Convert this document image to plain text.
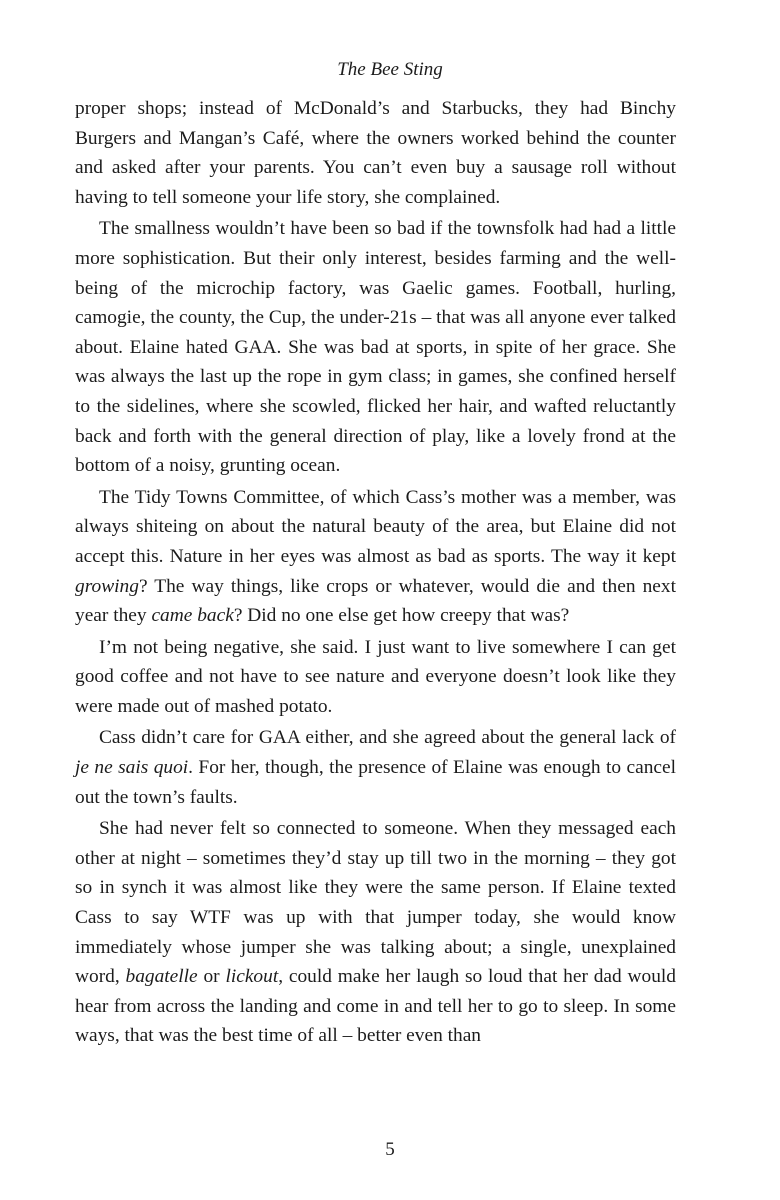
The Bee Sting

proper shops; instead of McDonald’s and Starbucks, they had Binchy Burgers and Mangan’s Café, where the owners worked behind the counter and asked after your parents. You can’t even buy a sausage roll without having to tell someone your life story, she complained.

The smallness wouldn’t have been so bad if the townsfolk had had a little more sophistication. But their only interest, besides farming and the well-being of the microchip factory, was Gaelic games. Football, hurling, camogie, the county, the Cup, the under-21s – that was all anyone ever talked about. Elaine hated GAA. She was bad at sports, in spite of her grace. She was always the last up the rope in gym class; in games, she confined herself to the sidelines, where she scowled, flicked her hair, and wafted reluctantly back and forth with the general direction of play, like a lovely frond at the bottom of a noisy, grunting ocean.

The Tidy Towns Committee, of which Cass’s mother was a member, was always shiteing on about the natural beauty of the area, but Elaine did not accept this. Nature in her eyes was almost as bad as sports. The way it kept growing? The way things, like crops or whatever, would die and then next year they came back? Did no one else get how creepy that was?

I’m not being negative, she said. I just want to live somewhere I can get good coffee and not have to see nature and everyone doesn’t look like they were made out of mashed potato.

Cass didn’t care for GAA either, and she agreed about the general lack of je ne sais quoi. For her, though, the presence of Elaine was enough to cancel out the town’s faults.

She had never felt so connected to someone. When they messaged each other at night – sometimes they’d stay up till two in the morning – they got so in synch it was almost like they were the same person. If Elaine texted Cass to say WTF was up with that jumper today, she would know immediately whose jumper she was talking about; a single, unexplained word, bagatelle or lickout, could make her laugh so loud that her dad would hear from across the landing and come in and tell her to go to sleep. In some ways, that was the best time of all – better even than

5
